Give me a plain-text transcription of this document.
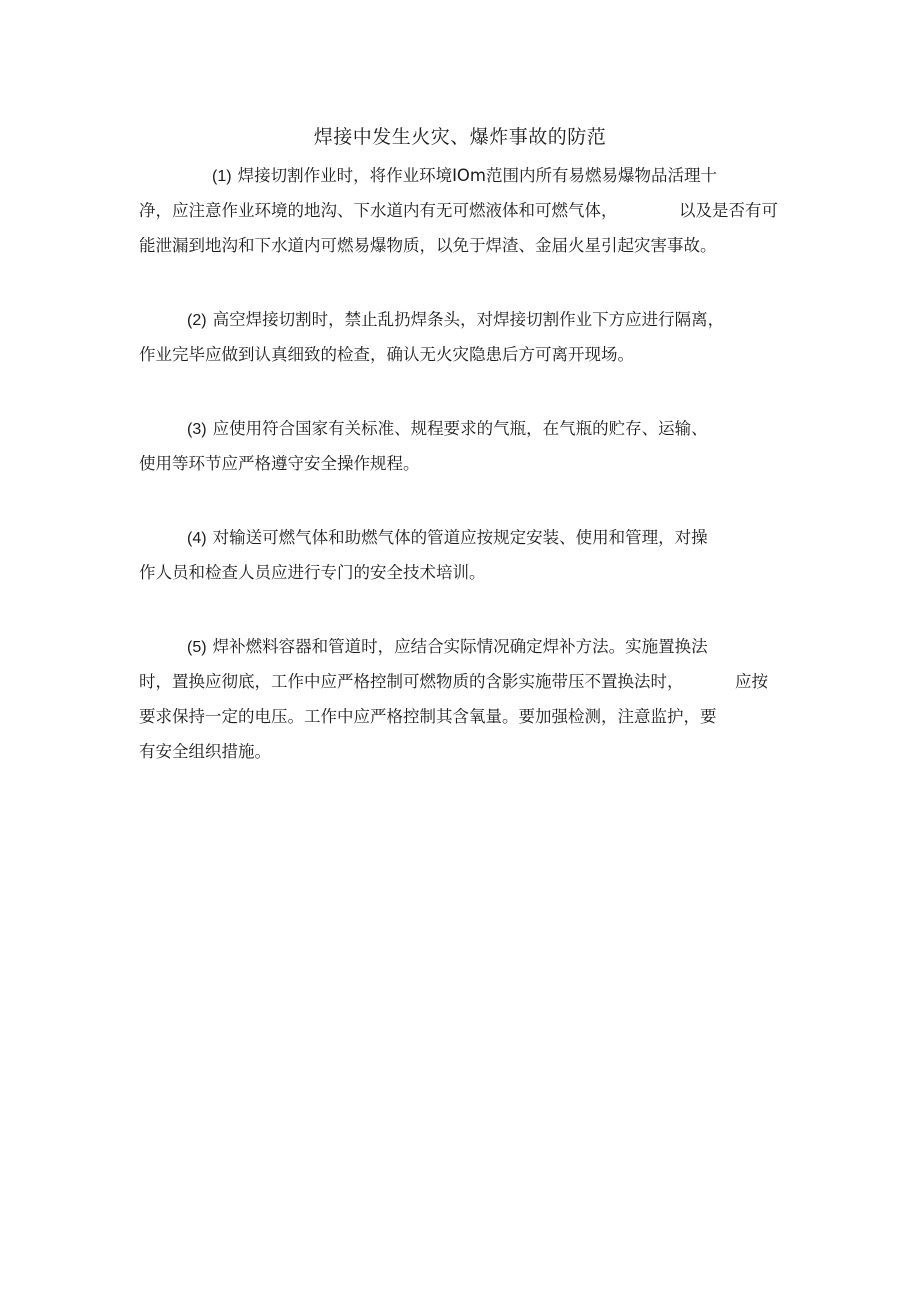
焊接中发生火灾、爆炸事故的防范
(1) 焊接切割作业时，将作业环境IOm范围内所有易燃易爆物品活理十
净，应注意作业环境的地沟、下水道内有无可燃液体和可燃气体，	以及是否有可
能泄漏到地沟和下水道内可燃易爆物质，以免于焊渣、金届火星引起灾害事故。
(2) 高空焊接切割时，禁止乱扔焊条头，对焊接切割作业下方应进行隔离，
作业完毕应做到认真细致的检查，确认无火灾隐患后方可离开现场。
(3) 应使用符合国家有关标准、规程要求的气瓶，在气瓶的贮存、运输、
使用等环节应严格遵守安全操作规程。
(4) 对输送可燃气体和助燃气体的管道应按规定安装、使用和管理，对操
作人员和检查人员应进行专门的安全技术培训。
(5) 焊补燃料容器和管道时，应结合实际情况确定焊补方法。实施置换法
时，置换应彻底，工作中应严格控制可燃物质的含影实施带压不置换法时，	应按
要求保持一定的电压。工作中应严格控制其含氧量。要加强检测，注意监护，要
有安全组织措施。
